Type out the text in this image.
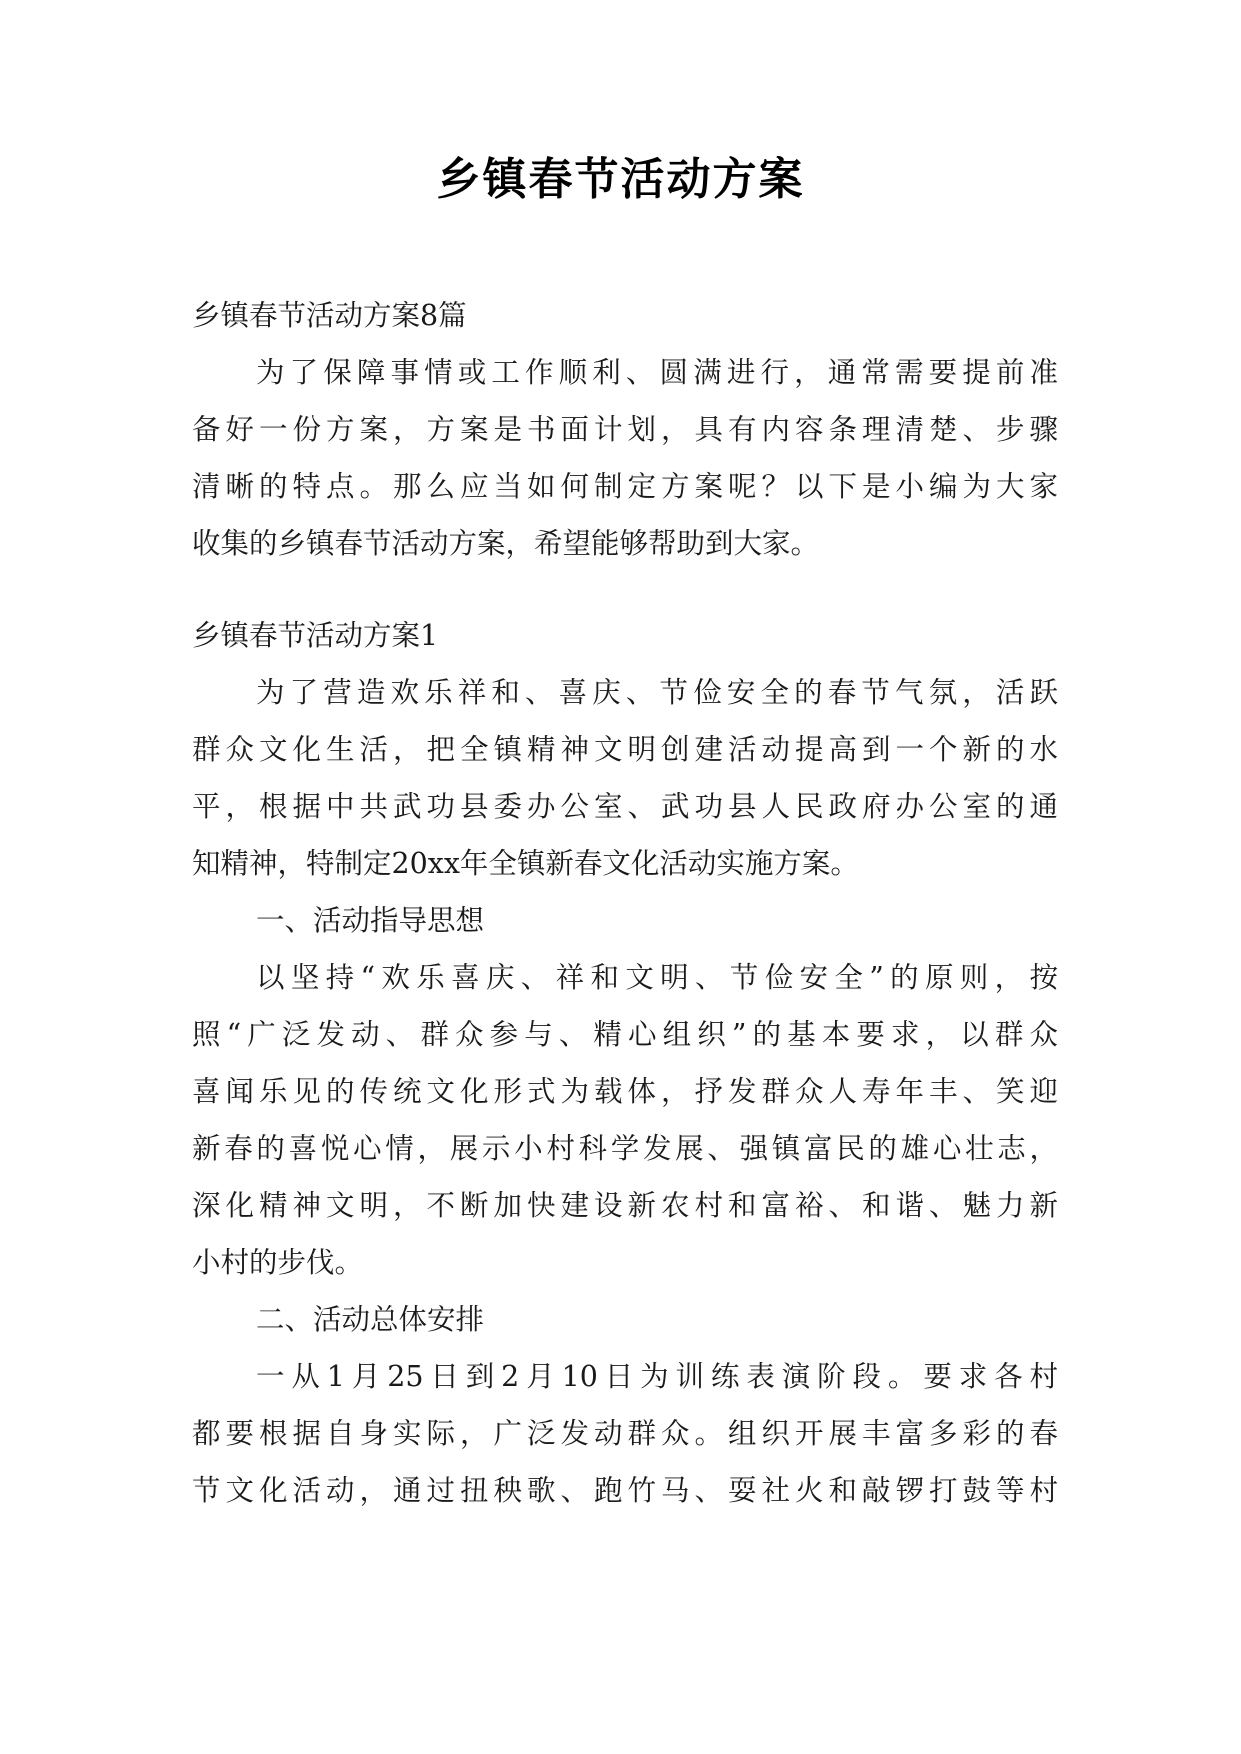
乡镇春节活动方案
乡镇春节活动方案8篇
为了保障事情或工作顺利、圆满进行，通常需要提前准
备好一份方案，方案是书面计划，具有内容条理清楚、步骤
清晰的特点。那么应当如何制定方案呢？以下是小编为大家
收集的乡镇春节活动方案，希望能够帮助到大家。
乡镇春节活动方案1
为了营造欢乐祥和、喜庆、节俭安全的春节气氛，活跃
群众文化生活，把全镇精神文明创建活动提高到一个新的水
平，根据中共武功县委办公室、武功县人民政府办公室的通
知精神，特制定20xx年全镇新春文化活动实施方案。
一、活动指导思想
以坚持“欢乐喜庆、祥和文明、节俭安全”的原则，按
照“广泛发动、群众参与、精心组织”的基本要求，以群众
喜闻乐见的传统文化形式为载体，抒发群众人寿年丰、笑迎
新春的喜悦心情，展示小村科学发展、强镇富民的雄心壮志，
深化精神文明，不断加快建设新农村和富裕、和谐、魅力新
小村的步伐。
二、活动总体安排
一从1月25日到2月10日为训练表演阶段。要求各村
都要根据自身实际，广泛发动群众。组织开展丰富多彩的春
节文化活动，通过扭秧歌、跑竹马、耍社火和敲锣打鼓等村
